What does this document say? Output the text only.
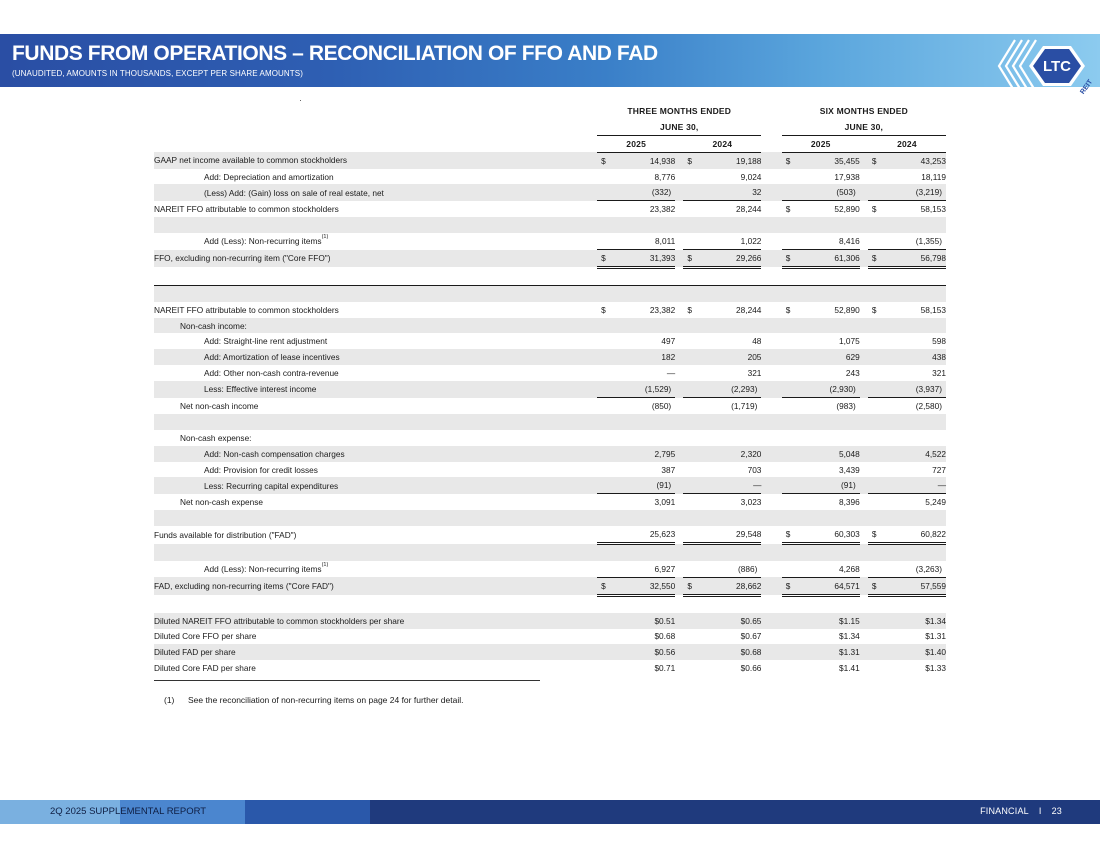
FUNDS FROM OPERATIONS – RECONCILIATION OF FFO AND FAD
(UNAUDITED, AMOUNTS IN THOUSANDS, EXCEPT PER SHARE AMOUNTS)	LTC
REIT
		THREE MONTHS ENDED				SIX MONTHS ENDED		
		JUNE 30,				JUNE 30,		
		2025		2024		2025		2024
GAAP net income available to common stockholders		$ 14,938		$ 19,188		$ 35,455		$ 43,253
Add: Depreciation and amortization		8,776		9,024		17,938		18,119
(Less) Add: (Gain) loss on sale of real estate, net		(332)		32		(503)		(3,219)
NAREIT FFO attributable to common stockholders		23,382		28,244		$ 52,890		$ 58,153

Add (Less): Non-recurring items$^{(1)}$		8,011		1,022		8,416		(1,355)
FFO, excluding non-recurring item ("Core FFO")		$ 31,393		$ 29,266		$ 61,306		$ 56,798

NAREIT FFO attributable to common stockholders		$ 23,382		$ 28,244		$ 52,890		$ 58,153
Non-cash income:								
Add: Straight-line rent adjustment		497		48		1,075		598
Add: Amortization of lease incentives		182		205		629		438
Add: Other non-cash contra-revenue		—		321		243		321
Less: Effective interest income		(1,529)		(2,293)		(2,930)		(3,937)
Net non-cash income		(850)		(1,719)		(983)		(2,580)

Non-cash expense:								
Add: Non-cash compensation charges		2,795		2,320		5,048		4,522
Add: Provision for credit losses		387		703		3,439		727
Less: Recurring capital expenditures		(91)		—		(91)		—
Net non-cash expense		3,091		3,023		8,396		5,249

Funds available for distribution ("FAD")		25,623		29,548		$ 60,303		$ 60,822

Add (Less): Non-recurring items$^{(1)}$		6,927		(886)		4,268		(3,263)
FAD, excluding non-recurring items ("Core FAD")		$ 32,550		$ 28,662		$ 64,571		$ 57,559

Diluted NAREIT FFO attributable to common stockholders per share		$0.51		$0.65		$1.15		$1.34
Diluted Core FFO per share		$0.68		$0.67		$1.34		$1.31
Diluted FAD per share		$0.56		$0.68		$1.31		$1.40
Diluted Core FAD per share		$0.71		$0.66		$1.41		$1.33
(1) See the reconciliation of non-recurring items on page 24 for further detail.
2Q 2025 SUPPLEMENTAL REPORT	FINANCIAL I 23
